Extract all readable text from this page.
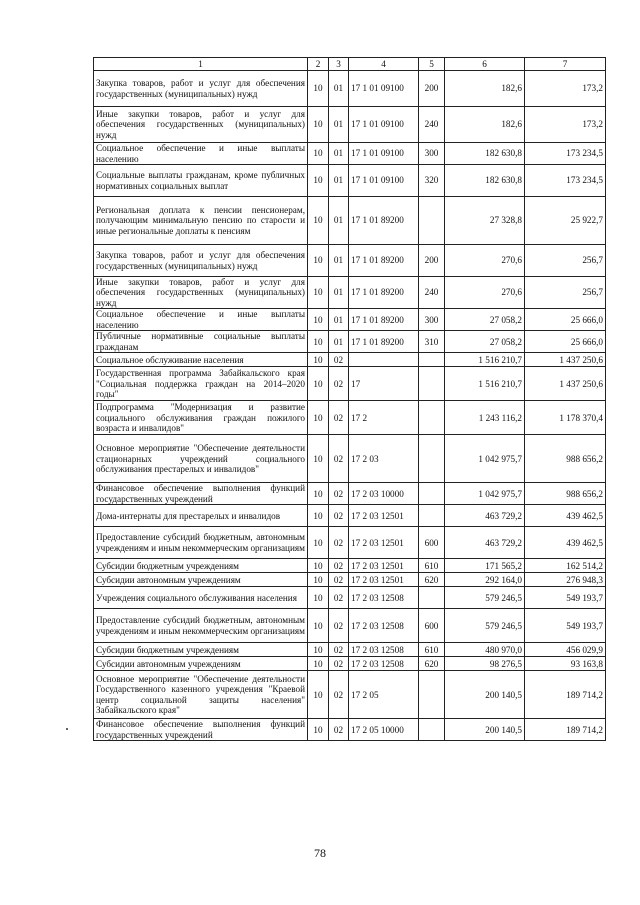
1	2	3	4	5	6	7
Закупка товаров, работ и услуг для обеспечения государственных (муниципальных) нужд	10	01	17 1 01 09100	200	182,6	173,2
Иные закупки товаров, работ и услуг для обеспечения государственных (муниципальных) нужд	10	01	17 1 01 09100	240	182,6	173,2
Социальное обеспечение и иные выплаты населению	10	01	17 1 01 09100	300	182 630,8	173 234,5
Социальные выплаты гражданам, кроме публичных нормативных социальных выплат	10	01	17 1 01 09100	320	182 630,8	173 234,5
Региональная доплата к пенсии пенсионерам, получающим минимальную пенсию по старости и иные региональные доплаты к пенсиям	10	01	17 1 01 89200		27 328,8	25 922,7
Закупка товаров, работ и услуг для обеспечения государственных (муниципальных) нужд	10	01	17 1 01 89200	200	270,6	256,7
Иные закупки товаров, работ и услуг для обеспечения государственных (муниципальных) нужд	10	01	17 1 01 89200	240	270,6	256,7
Социальное обеспечение и иные выплаты населению	10	01	17 1 01 89200	300	27 058,2	25 666,0
Публичные нормативные социальные выплаты гражданам	10	01	17 1 01 89200	310	27 058,2	25 666,0
Социальное обслуживание населения	10	02			1 516 210,7	1 437 250,6
Государственная программа Забайкальского края "Социальная поддержка граждан на 2014–2020 годы"	10	02	17		1 516 210,7	1 437 250,6
Подпрограмма "Модернизация и развитие социального обслуживания граждан пожилого возраста и инвалидов"	10	02	17 2		1 243 116,2	1 178 370,4
Основное мероприятие "Обеспечение деятельности стационарных учреждений социального обслуживания престарелых и инвалидов"	10	02	17 2 03		1 042 975,7	988 656,2
Финансовое обеспечение выполнения функций государственных учреждений	10	02	17 2 03 10000		1 042 975,7	988 656,2
Дома-интернаты для престарелых и инвалидов	10	02	17 2 03 12501		463 729,2	439 462,5
Предоставление субсидий бюджетным, автономным учреждениям и иным некоммерческим организациям	10	02	17 2 03 12501	600	463 729,2	439 462,5
Субсидии бюджетным учреждениям	10	02	17 2 03 12501	610	171 565,2	162 514,2
Субсидии автономным учреждениям	10	02	17 2 03 12501	620	292 164,0	276 948,3
Учреждения социального обслуживания населения	10	02	17 2 03 12508		579 246,5	549 193,7
Предоставление субсидий бюджетным, автономным учреждениям и иным некоммерческим организациям	10	02	17 2 03 12508	600	579 246,5	549 193,7
Субсидии бюджетным учреждениям	10	02	17 2 03 12508	610	480 970,0	456 029,9
Субсидии автономным учреждениям	10	02	17 2 03 12508	620	98 276,5	93 163,8
Основное мероприятие "Обеспечение деятельности Государственного казенного учреждения "Краевой центр социальной защиты населения" Забайкальского края"	10	02	17 2 05		200 140,5	189 714,2
Финансовое обеспечение выполнения функций государственных учреждений	10	02	17 2 05 10000		200 140,5	189 714,2
78
